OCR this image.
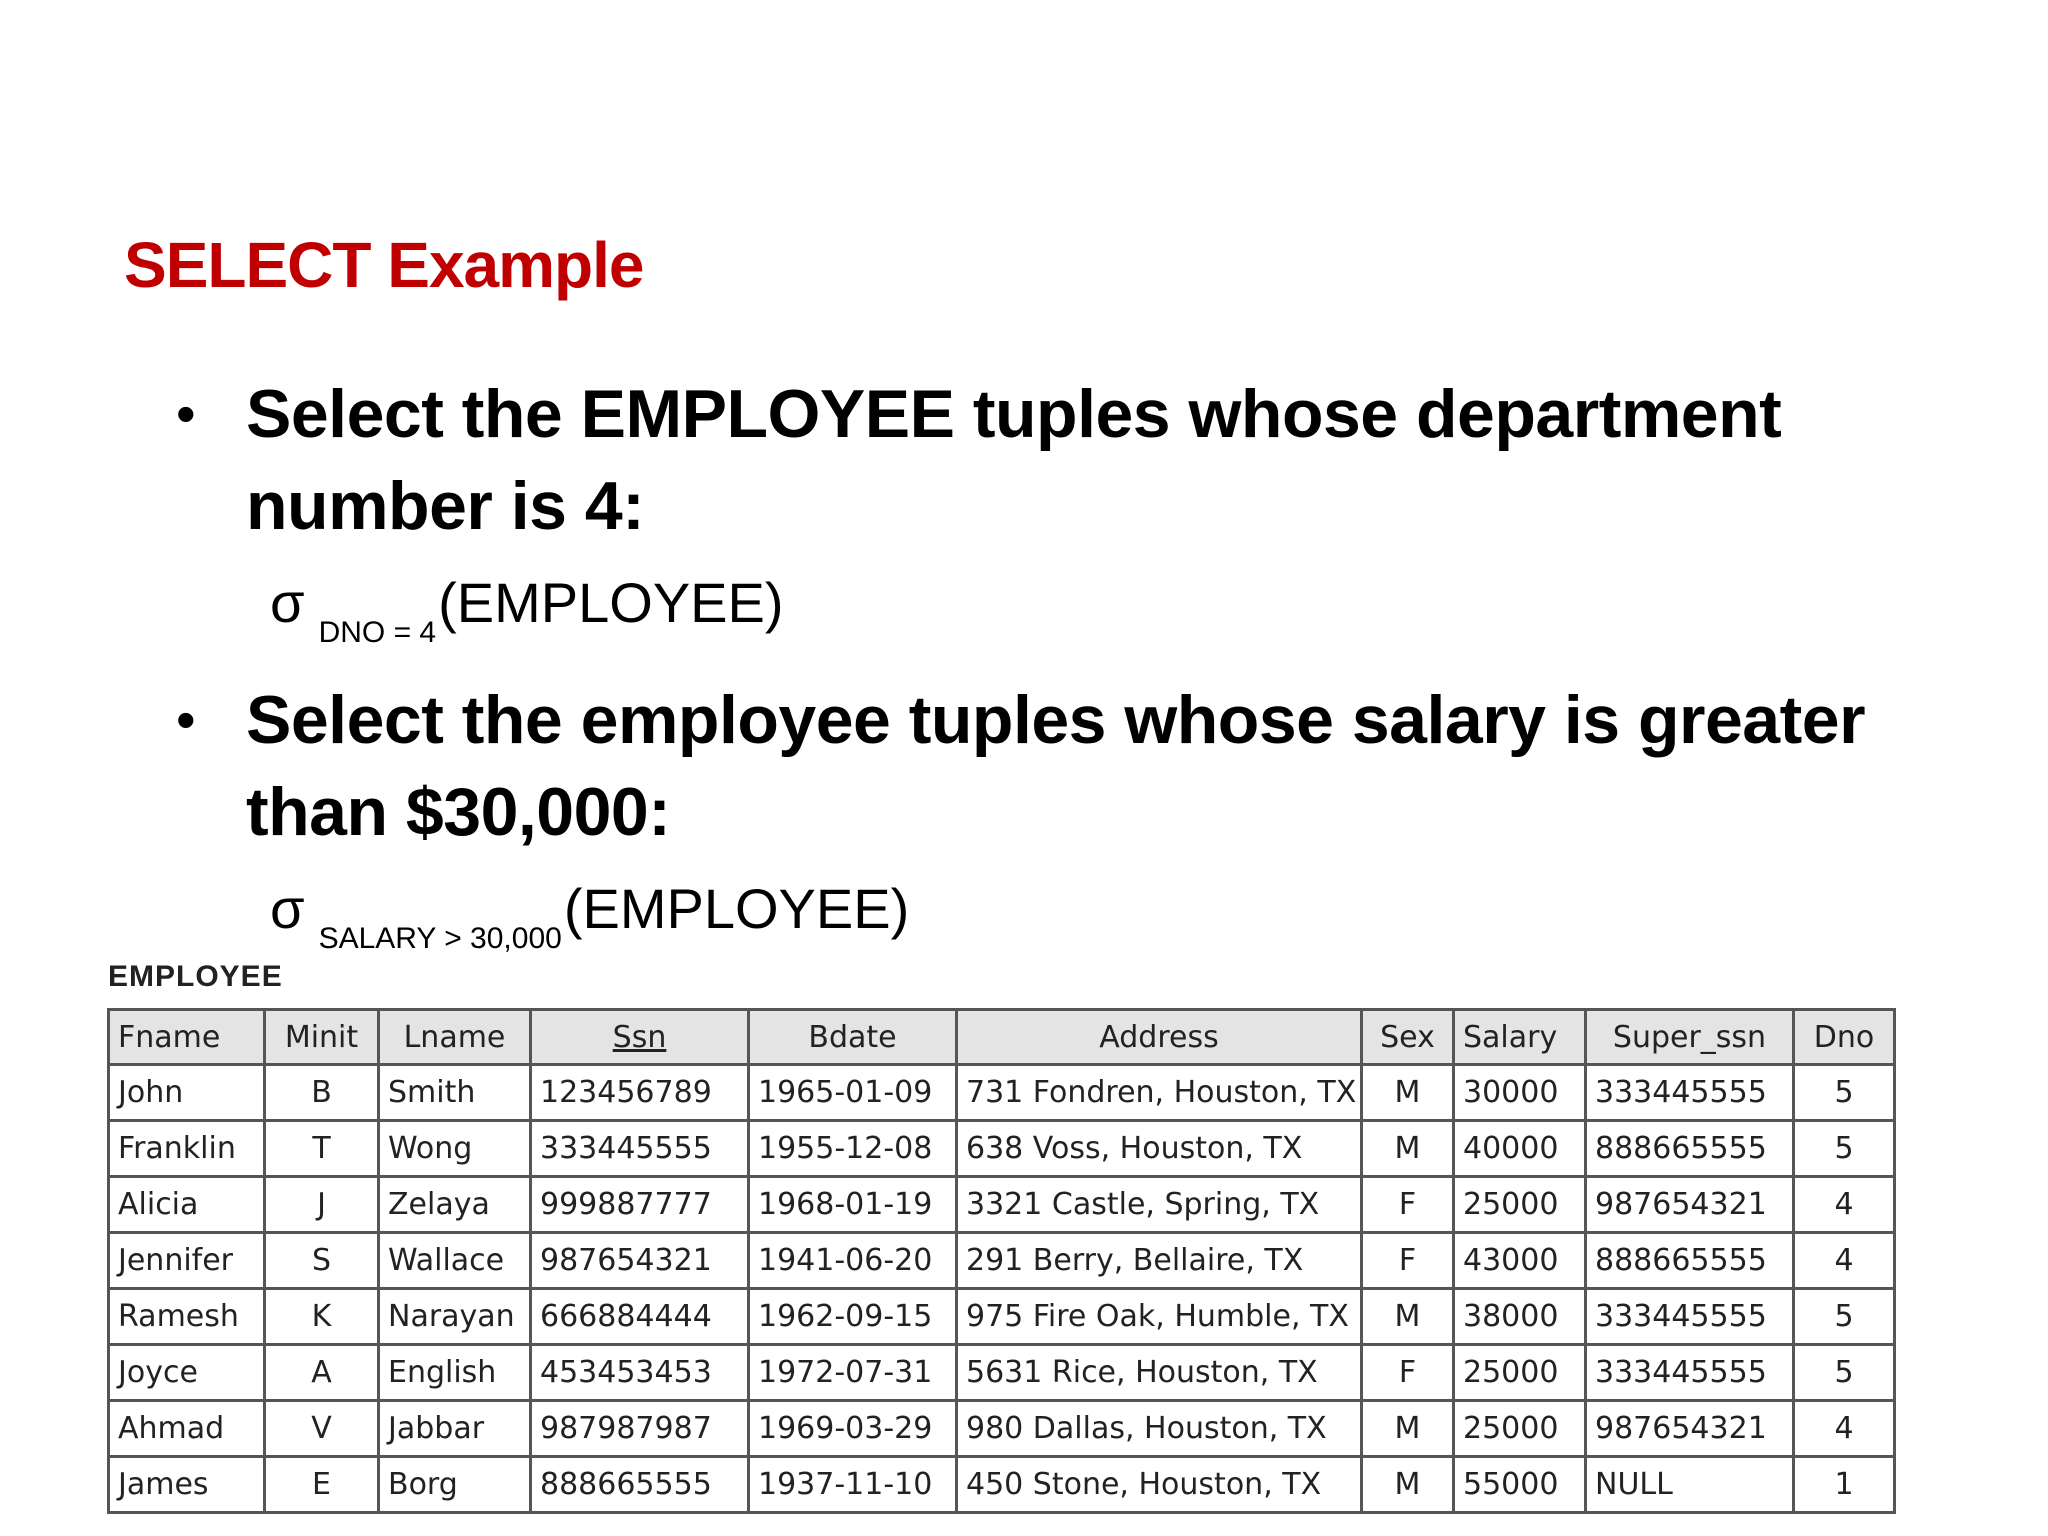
SELECT Example
• Select the EMPLOYEE tuples whose department number is 4:
σ $_{DNO = 4}$(EMPLOYEE)
• Select the employee tuples whose salary is greater than $30,000:
σ $_{SALARY > 30,000}$(EMPLOYEE)
EMPLOYEE
Fname	Minit	Lname	Ssn	Bdate	Address	Sex	Salary	Super_ssn	Dno
John	B	Smith	123456789	1965-01-09	731 Fondren, Houston, TX	M	30000	333445555	5
Franklin	T	Wong	333445555	1955-12-08	638 Voss, Houston, TX	M	40000	888665555	5
Alicia	J	Zelaya	999887777	1968-01-19	3321 Castle, Spring, TX	F	25000	987654321	4
Jennifer	S	Wallace	987654321	1941-06-20	291 Berry, Bellaire, TX	F	43000	888665555	4
Ramesh	K	Narayan	666884444	1962-09-15	975 Fire Oak, Humble, TX	M	38000	333445555	5
Joyce	A	English	453453453	1972-07-31	5631 Rice, Houston, TX	F	25000	333445555	5
Ahmad	V	Jabbar	987987987	1969-03-29	980 Dallas, Houston, TX	M	25000	987654321	4
James	E	Borg	888665555	1937-11-10	450 Stone, Houston, TX	M	55000	NULL	1
